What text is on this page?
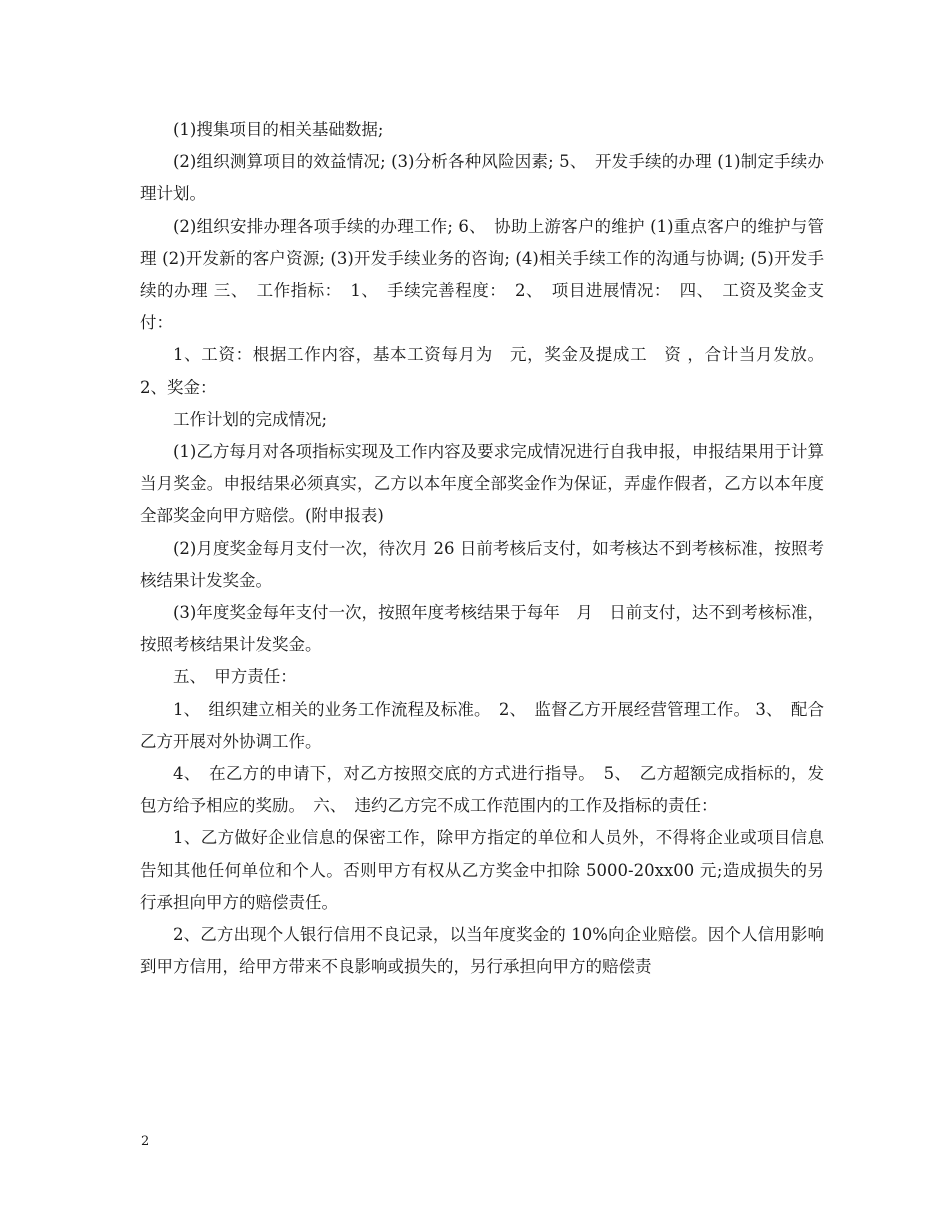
(1)搜集项目的相关基础数据;

(2)组织测算项目的效益情况; (3)分析各种风险因素; 5、　开发手续的办理 (1)制定手续办理计划。

(2)组织安排办理各项手续的办理工作; 6、　协助上游客户的维护 (1)重点客户的维护与管理 (2)开发新的客户资源; (3)开发手续业务的咨询; (4)相关手续工作的沟通与协调; (5)开发手续的办理 三、　工作指标：　1、　手续完善程度：　2、　项目进展情况：　四、　工资及奖金支付：

1、工资：根据工作内容，基本工资每月为　元，奖金及提成工　资 ，合计当月发放。 2、奖金：

工作计划的完成情况;

(1)乙方每月对各项指标实现及工作内容及要求完成情况进行自我申报，申报结果用于计算当月奖金。申报结果必须真实，乙方以本年度全部奖金作为保证，弄虚作假者，乙方以本年度全部奖金向甲方赔偿。(附申报表)

(2)月度奖金每月支付一次，待次月 26 日前考核后支付，如考核达不到考核标准，按照考核结果计发奖金。

(3)年度奖金每年支付一次，按照年度考核结果于每年　月　日前支付，达不到考核标准，按照考核结果计发奖金。

五、　甲方责任：

1、　组织建立相关的业务工作流程及标准。　2、　监督乙方开展经营管理工作。 3、　配合乙方开展对外协调工作。

4、　在乙方的申请下，对乙方按照交底的方式进行指导。　5、　乙方超额完成指标的，发包方给予相应的奖励。　六、　违约乙方完不成工作范围内的工作及指标的责任：

1、乙方做好企业信息的保密工作，除甲方指定的单位和人员外，不得将企业或项目信息告知其他任何单位和个人。否则甲方有权从乙方奖金中扣除 5000-20xx00 元;造成损失的另行承担向甲方的赔偿责任。

2、乙方出现个人银行信用不良记录，以当年度奖金的 10%向企业赔偿。因个人信用影响到甲方信用，给甲方带来不良影响或损失的，另行承担向甲方的赔偿责

2
